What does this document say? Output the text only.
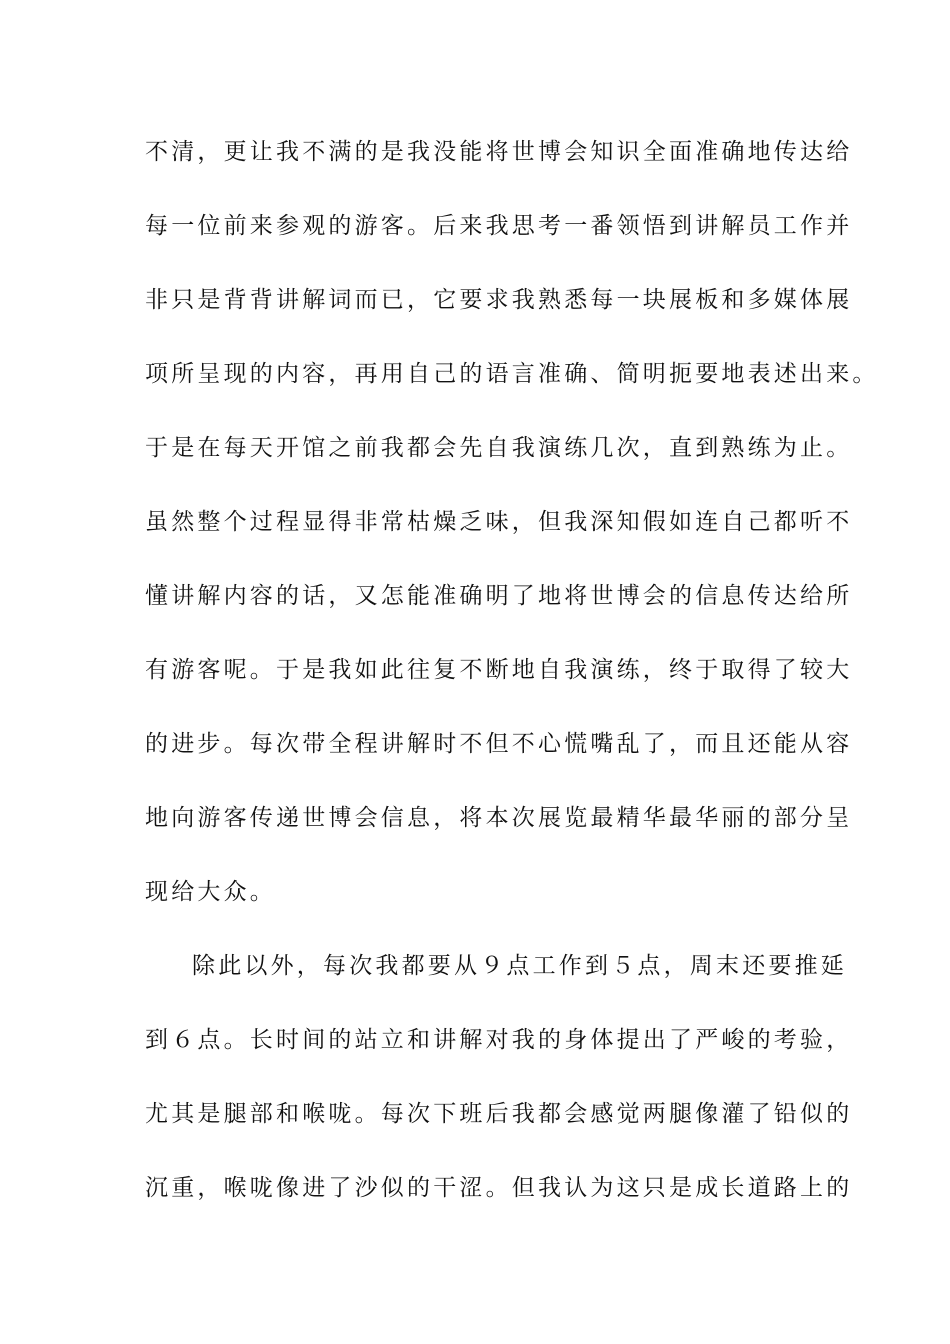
不清，更让我不满的是我没能将世博会知识全面准确地传达给
每一位前来参观的游客。后来我思考一番领悟到讲解员工作并
非只是背背讲解词而已，它要求我熟悉每一块展板和多媒体展
项所呈现的内容，再用自己的语言准确、简明扼要地表述出来。
于是在每天开馆之前我都会先自我演练几次，直到熟练为止。
虽然整个过程显得非常枯燥乏味，但我深知假如连自己都听不
懂讲解内容的话，又怎能准确明了地将世博会的信息传达给所
有游客呢。于是我如此往复不断地自我演练，终于取得了较大
的进步。每次带全程讲解时不但不心慌嘴乱了，而且还能从容
地向游客传递世博会信息，将本次展览最精华最华丽的部分呈
现给大众。
除此以外，每次我都要从９点工作到５点，周末还要推延
到６点。长时间的站立和讲解对我的身体提出了严峻的考验，
尤其是腿部和喉咙。每次下班后我都会感觉两腿像灌了铅似的
沉重，喉咙像进了沙似的干涩。但我认为这只是成长道路上的
